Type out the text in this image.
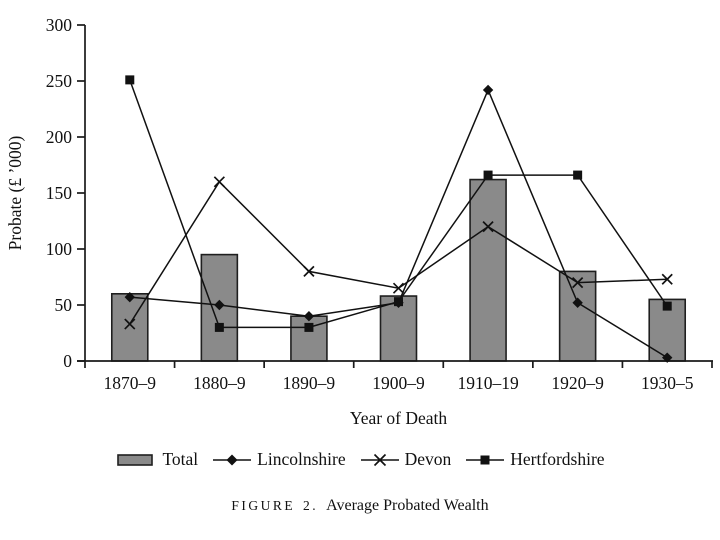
0
50
100
150
200
250
300
1870–9 1880–9 1890–9 1900–9 1910–19 1920–9 1930–5
Probate (£ ’000)
Year of Death
Total	Lincolnshire	Devon	Hertfordshire
FIGURE 2. Average Probated Wealth
